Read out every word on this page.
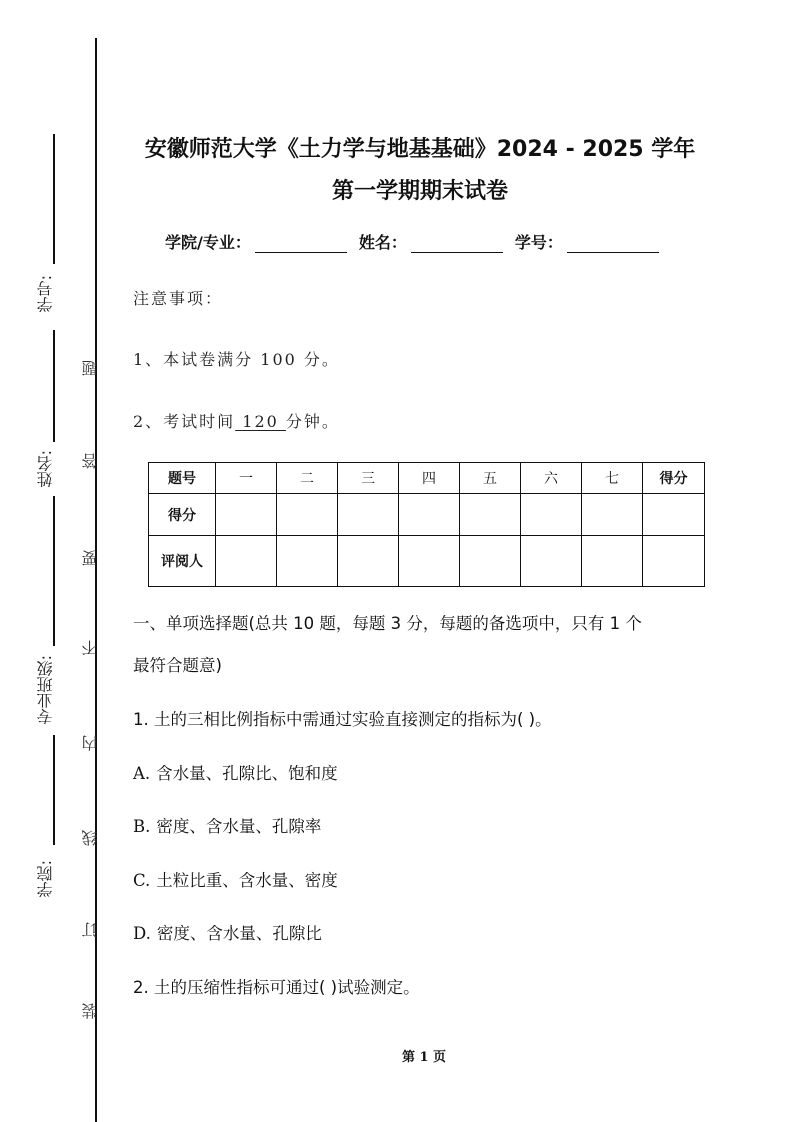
学号:
姓名:
专业班级:
学院:
题
答
要
不
内
线
订
装
安徽师范大学《土力学与地基基础》2024 - 2025 学年
第一学期期末试卷
学院/专业：	姓名：	学号：
注意事项：
1、本试卷满分 100 分。
2、考试时间 120 分钟。
题号	一	二	三	四	五	六	七	得分
得分								
评阅人								
一、单项选择题(总共 10 题，每题 3 分，每题的备选项中，只有 1 个
最符合题意)
1. 土的三相比例指标中需通过实验直接测定的指标为( )。
A. 含水量、孔隙比、饱和度
B. 密度、含水量、孔隙率
C. 土粒比重、含水量、密度
D. 密度、含水量、孔隙比
2. 土的压缩性指标可通过( )试验测定。
第 1 页
